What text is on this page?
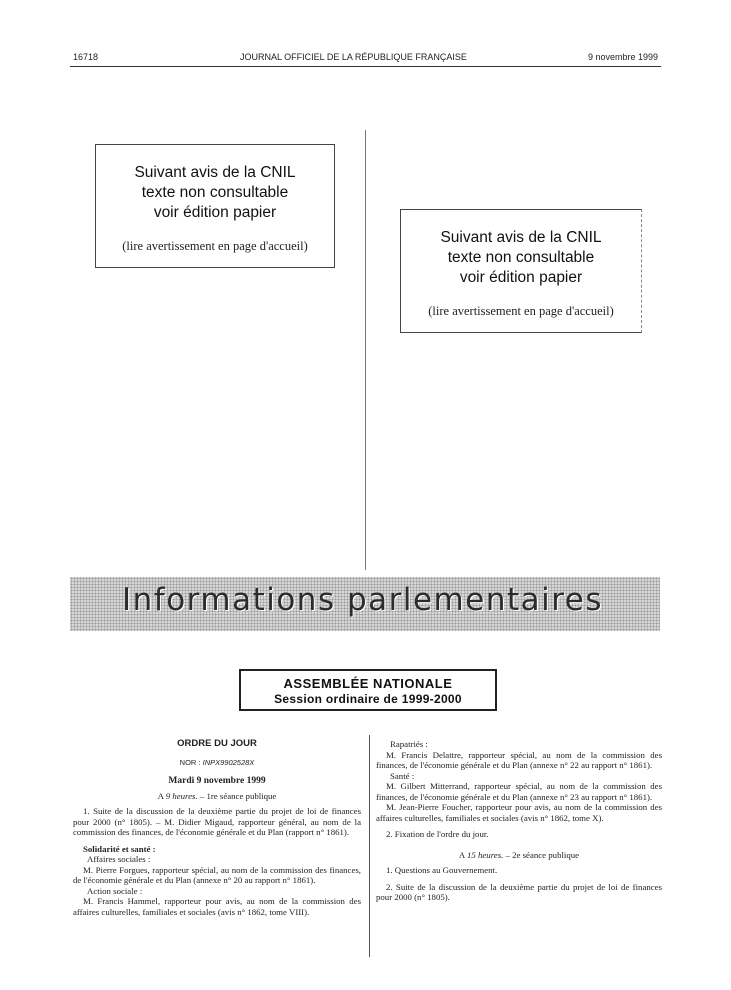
16718	JOURNAL OFFICIEL DE LA RÉPUBLIQUE FRANÇAISE	9 novembre 1999
Suivant avis de la CNIL
texte non consultable
voir édition papier
(lire avertissement en page d'accueil)	Suivant avis de la CNIL
texte non consultable
voir édition papier
(lire avertissement en page d'accueil)
Informations parlementaires
ASSEMBLÉE NATIONALE
Session ordinaire de 1999-2000
ORDRE DU JOUR
NOR : INPX9902528X
Mardi 9 novembre 1999
A 9 heures. – 1re séance publique

1. Suite de la discussion de la deuxième partie du projet de loi de finances pour 2000 (n° 1805). – M. Didier Migaud, rapporteur général, au nom de la commission des finances, de l'économie générale et du Plan (rapport n° 1861).

Solidarité et santé :

Affaires sociales :

M. Pierre Forgues, rapporteur spécial, au nom de la commission des finances, de l'économie générale et du Plan (annexe n° 20 au rapport n° 1861).

Action sociale :

M. Francis Hammel, rapporteur pour avis, au nom de la commission des affaires culturelles, familiales et sociales (avis n° 1862, tome VIII).

Rapatriés :

M. Francis Delattre, rapporteur spécial, au nom de la commission des finances, de l'économie générale et du Plan (annexe n° 22 au rapport n° 1861).

Santé :

M. Gilbert Mitterrand, rapporteur spécial, au nom de la commission des finances, de l'économie générale et du Plan (annexe n° 23 au rapport n° 1861).

M. Jean-Pierre Foucher, rapporteur pour avis, au nom de la commission des affaires culturelles, familiales et sociales (avis n° 1862, tome X).

2. Fixation de l'ordre du jour.

A 15 heures. – 2e séance publique

1. Questions au Gouvernement.

2. Suite de la discussion de la deuxième partie du projet de loi de finances pour 2000 (n° 1805).
